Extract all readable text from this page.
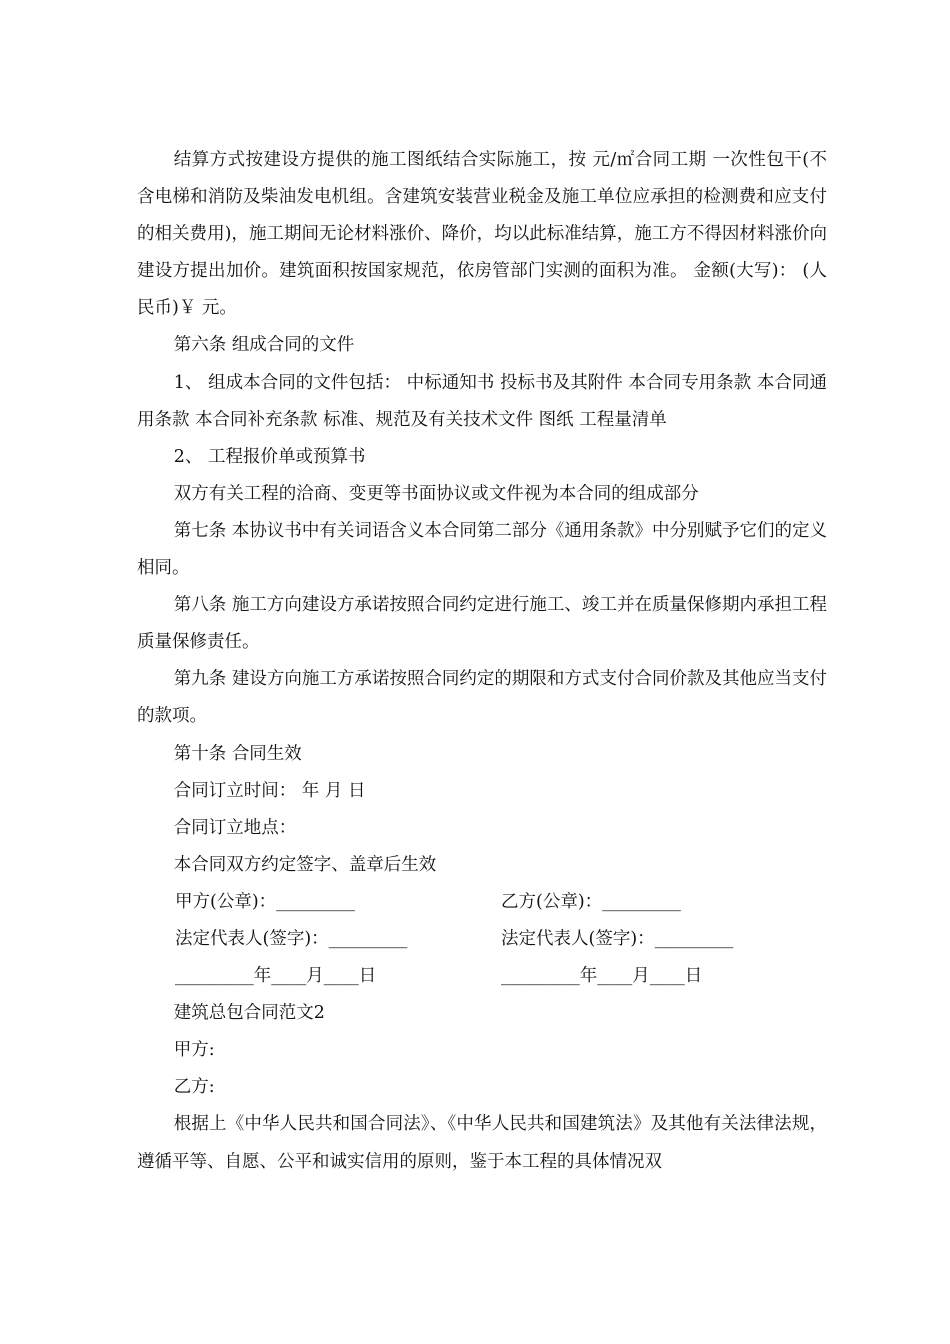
结算方式按建设方提供的施工图纸结合实际施工，按 元/㎡合同工期 一次性包干(不含电梯和消防及柴油发电机组。含建筑安装营业税金及施工单位应承担的检测费和应支付的相关费用)，施工期间无论材料涨价、降价，均以此标准结算，施工方不得因材料涨价向建设方提出加价。建筑面积按国家规范，依房管部门实测的面积为准。 金额(大写)： (人民币)￥ 元。

第六条 组成合同的文件

1、 组成本合同的文件包括： 中标通知书 投标书及其附件 本合同专用条款 本合同通用条款 本合同补充条款 标准、规范及有关技术文件 图纸 工程量清单

2、 工程报价单或预算书

双方有关工程的洽商、变更等书面协议或文件视为本合同的组成部分

第七条 本协议书中有关词语含义本合同第二部分《通用条款》中分别赋予它们的定义相同。

第八条 施工方向建设方承诺按照合同约定进行施工、竣工并在质量保修期内承担工程质量保修责任。

第九条 建设方向施工方承诺按照合同约定的期限和方式支付合同价款及其他应当支付的款项。

第十条 合同生效

合同订立时间： 年 月 日

合同订立地点：

本合同双方约定签字、盖章后生效

甲方(公章)：_________	乙方(公章)：_________
法定代表人(签字)：_________	法定代表人(签字)：_________
_________年____月____日	_________年____月____日

建筑总包合同范文2

甲方:

乙方:

根据上《中华人民共和国合同法》、《中华人民共和国建筑法》及其他有关法律法规，遵循平等、自愿、公平和诚实信用的原则，鉴于本工程的具体情况双
